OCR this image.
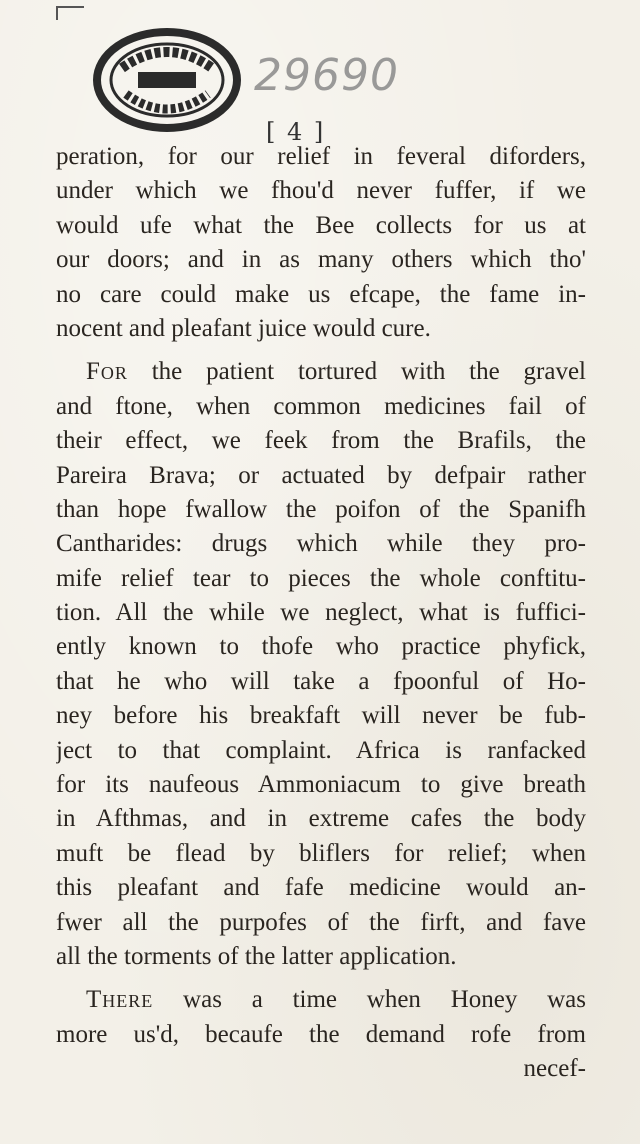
29690
[ 4 ]
peration, for our relief in feveral diforders,
under which we fhou'd never fuffer, if we
would ufe what the Bee collects for us at
our doors; and in as many others which tho'
no care could make us efcape, the fame in-
nocent and pleafant juice would cure.
For the patient tortured with the gravel
and ftone, when common medicines fail of
their effect, we feek from the Brafils, the
Pareira Brava; or actuated by defpair rather
than hope fwallow the poifon of the Spanifh
Cantharides: drugs which while they pro-
mife relief tear to pieces the whole conftitu-
tion. All the while we neglect, what is fuffici-
ently known to thofe who practice phyfick,
that he who will take a fpoonful of Ho-
ney before his breakfaft will never be fub-
ject to that complaint. Africa is ranfacked
for its naufeous Ammoniacum to give breath
in Afthmas, and in extreme cafes the body
muft be flead by bliflers for relief; when
this pleafant and fafe medicine would an-
fwer all the purpofes of the firft, and fave
all the torments of the latter application.
There was a time when Honey was
more us'd, becaufe the demand rofe from
necef-
